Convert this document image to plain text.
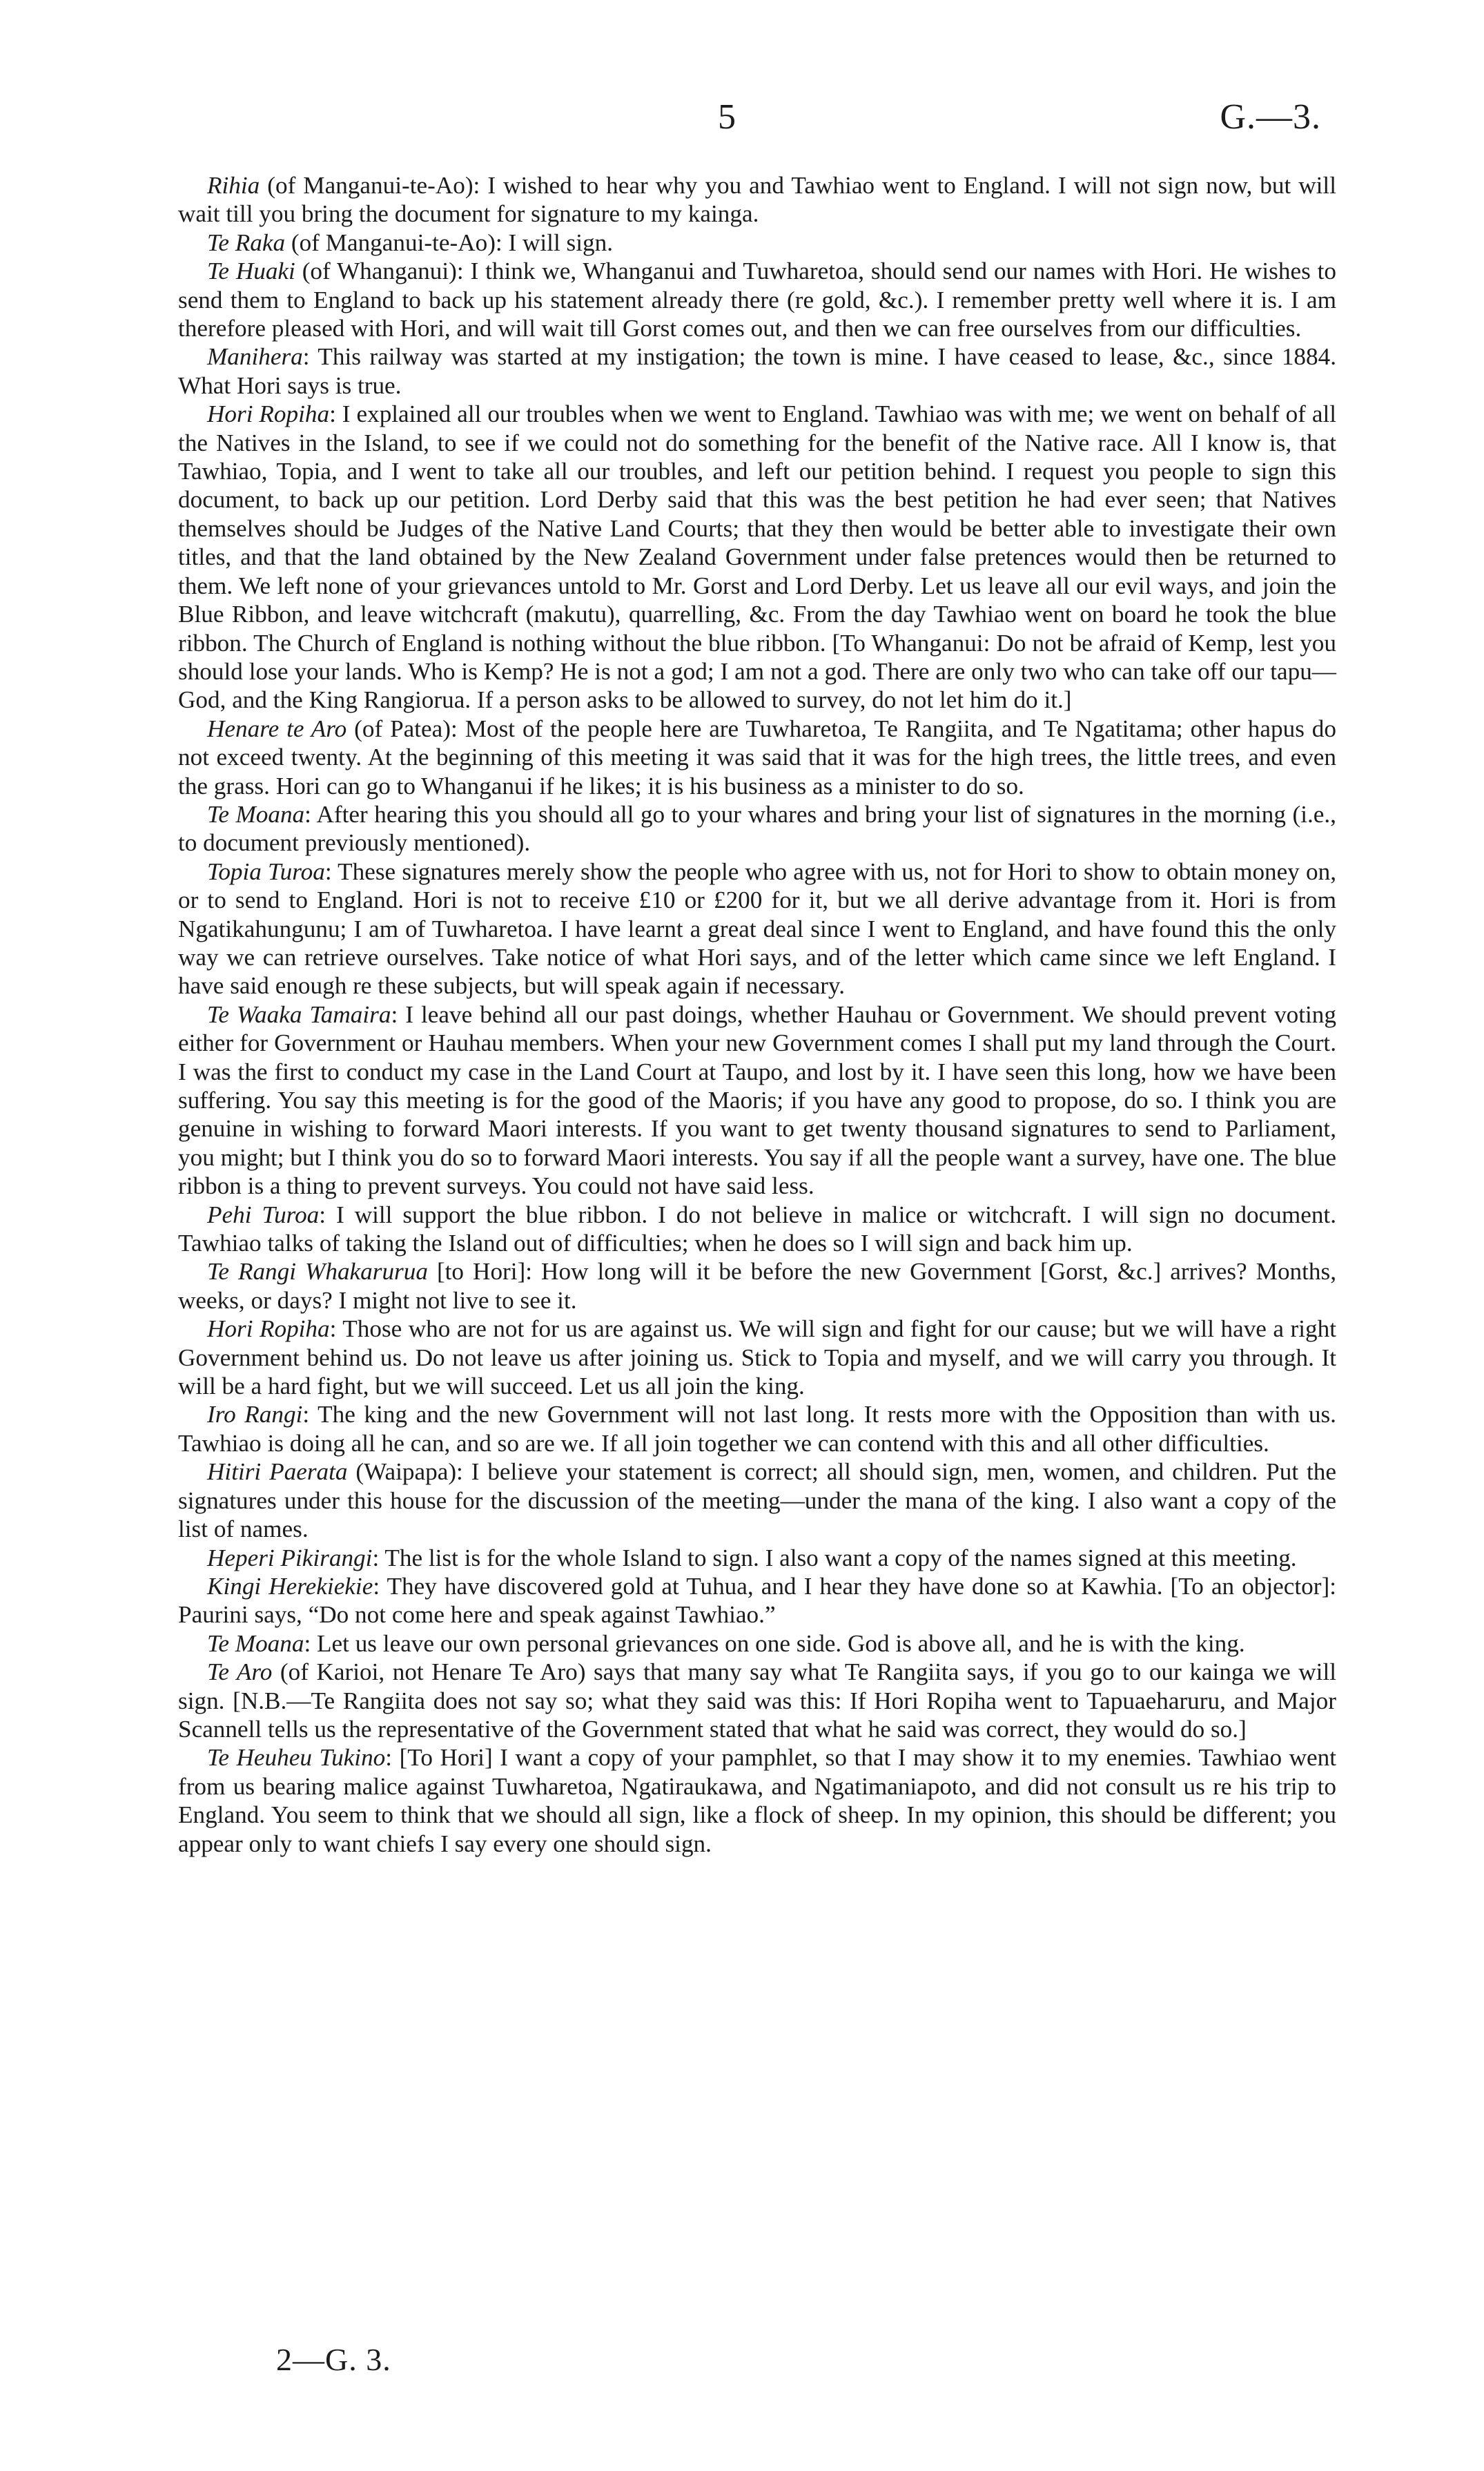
5	G.—3.

Rihia (of Manganui-te-Ao): I wished to hear why you and Tawhiao went to England. I will not sign now, but will wait till you bring the document for signature to my kainga.

Te Raka (of Manganui-te-Ao): I will sign.

Te Huaki (of Whanganui): I think we, Whanganui and Tuwharetoa, should send our names with Hori. He wishes to send them to England to back up his statement already there (re gold, &c.). I remember pretty well where it is. I am therefore pleased with Hori, and will wait till Gorst comes out, and then we can free ourselves from our difficulties.

Manihera: This railway was started at my instigation; the town is mine. I have ceased to lease, &c., since 1884. What Hori says is true.

Hori Ropiha: I explained all our troubles when we went to England. Tawhiao was with me; we went on behalf of all the Natives in the Island, to see if we could not do something for the benefit of the Native race. All I know is, that Tawhiao, Topia, and I went to take all our troubles, and left our petition behind. I request you people to sign this document, to back up our petition. Lord Derby said that this was the best petition he had ever seen; that Natives themselves should be Judges of the Native Land Courts; that they then would be better able to investigate their own titles, and that the land obtained by the New Zealand Government under false pretences would then be returned to them. We left none of your grievances untold to Mr. Gorst and Lord Derby. Let us leave all our evil ways, and join the Blue Ribbon, and leave witchcraft (makutu), quarrelling, &c. From the day Tawhiao went on board he took the blue ribbon. The Church of England is nothing without the blue ribbon. [To Whanganui: Do not be afraid of Kemp, lest you should lose your lands. Who is Kemp? He is not a god; I am not a god. There are only two who can take off our tapu—God, and the King Rangiorua. If a person asks to be allowed to survey, do not let him do it.]

Henare te Aro (of Patea): Most of the people here are Tuwharetoa, Te Rangiita, and Te Ngatitama; other hapus do not exceed twenty. At the beginning of this meeting it was said that it was for the high trees, the little trees, and even the grass. Hori can go to Whanganui if he likes; it is his business as a minister to do so.

Te Moana: After hearing this you should all go to your whares and bring your list of signatures in the morning (i.e., to document previously mentioned).

Topia Turoa: These signatures merely show the people who agree with us, not for Hori to show to obtain money on, or to send to England. Hori is not to receive £10 or £200 for it, but we all derive advantage from it. Hori is from Ngatikahungunu; I am of Tuwharetoa. I have learnt a great deal since I went to England, and have found this the only way we can retrieve ourselves. Take notice of what Hori says, and of the letter which came since we left England. I have said enough re these subjects, but will speak again if necessary.

Te Waaka Tamaira: I leave behind all our past doings, whether Hauhau or Government. We should prevent voting either for Government or Hauhau members. When your new Government comes I shall put my land through the Court. I was the first to conduct my case in the Land Court at Taupo, and lost by it. I have seen this long, how we have been suffering. You say this meeting is for the good of the Maoris; if you have any good to propose, do so. I think you are genuine in wishing to forward Maori interests. If you want to get twenty thousand signatures to send to Parliament, you might; but I think you do so to forward Maori interests. You say if all the people want a survey, have one. The blue ribbon is a thing to prevent surveys. You could not have said less.

Pehi Turoa: I will support the blue ribbon. I do not believe in malice or witchcraft. I will sign no document. Tawhiao talks of taking the Island out of difficulties; when he does so I will sign and back him up.

Te Rangi Whakarurua [to Hori]: How long will it be before the new Government [Gorst, &c.] arrives? Months, weeks, or days? I might not live to see it.

Hori Ropiha: Those who are not for us are against us. We will sign and fight for our cause; but we will have a right Government behind us. Do not leave us after joining us. Stick to Topia and myself, and we will carry you through. It will be a hard fight, but we will succeed. Let us all join the king.

Iro Rangi: The king and the new Government will not last long. It rests more with the Opposition than with us. Tawhiao is doing all he can, and so are we. If all join together we can contend with this and all other difficulties.

Hitiri Paerata (Waipapa): I believe your statement is correct; all should sign, men, women, and children. Put the signatures under this house for the discussion of the meeting—under the mana of the king. I also want a copy of the list of names.

Heperi Pikirangi: The list is for the whole Island to sign. I also want a copy of the names signed at this meeting.

Kingi Herekiekie: They have discovered gold at Tuhua, and I hear they have done so at Kawhia. [To an objector]: Paurini says, “Do not come here and speak against Tawhiao.”

Te Moana: Let us leave our own personal grievances on one side. God is above all, and he is with the king.

Te Aro (of Karioi, not Henare Te Aro) says that many say what Te Rangiita says, if you go to our kainga we will sign. [N.B.—Te Rangiita does not say so; what they said was this: If Hori Ropiha went to Tapuaeharuru, and Major Scannell tells us the representative of the Government stated that what he said was correct, they would do so.]

Te Heuheu Tukino: [To Hori] I want a copy of your pamphlet, so that I may show it to my enemies. Tawhiao went from us bearing malice against Tuwharetoa, Ngatiraukawa, and Ngatimaniapoto, and did not consult us re his trip to England. You seem to think that we should all sign, like a flock of sheep. In my opinion, this should be different; you appear only to want chiefs I say every one should sign.

2—G. 3.
